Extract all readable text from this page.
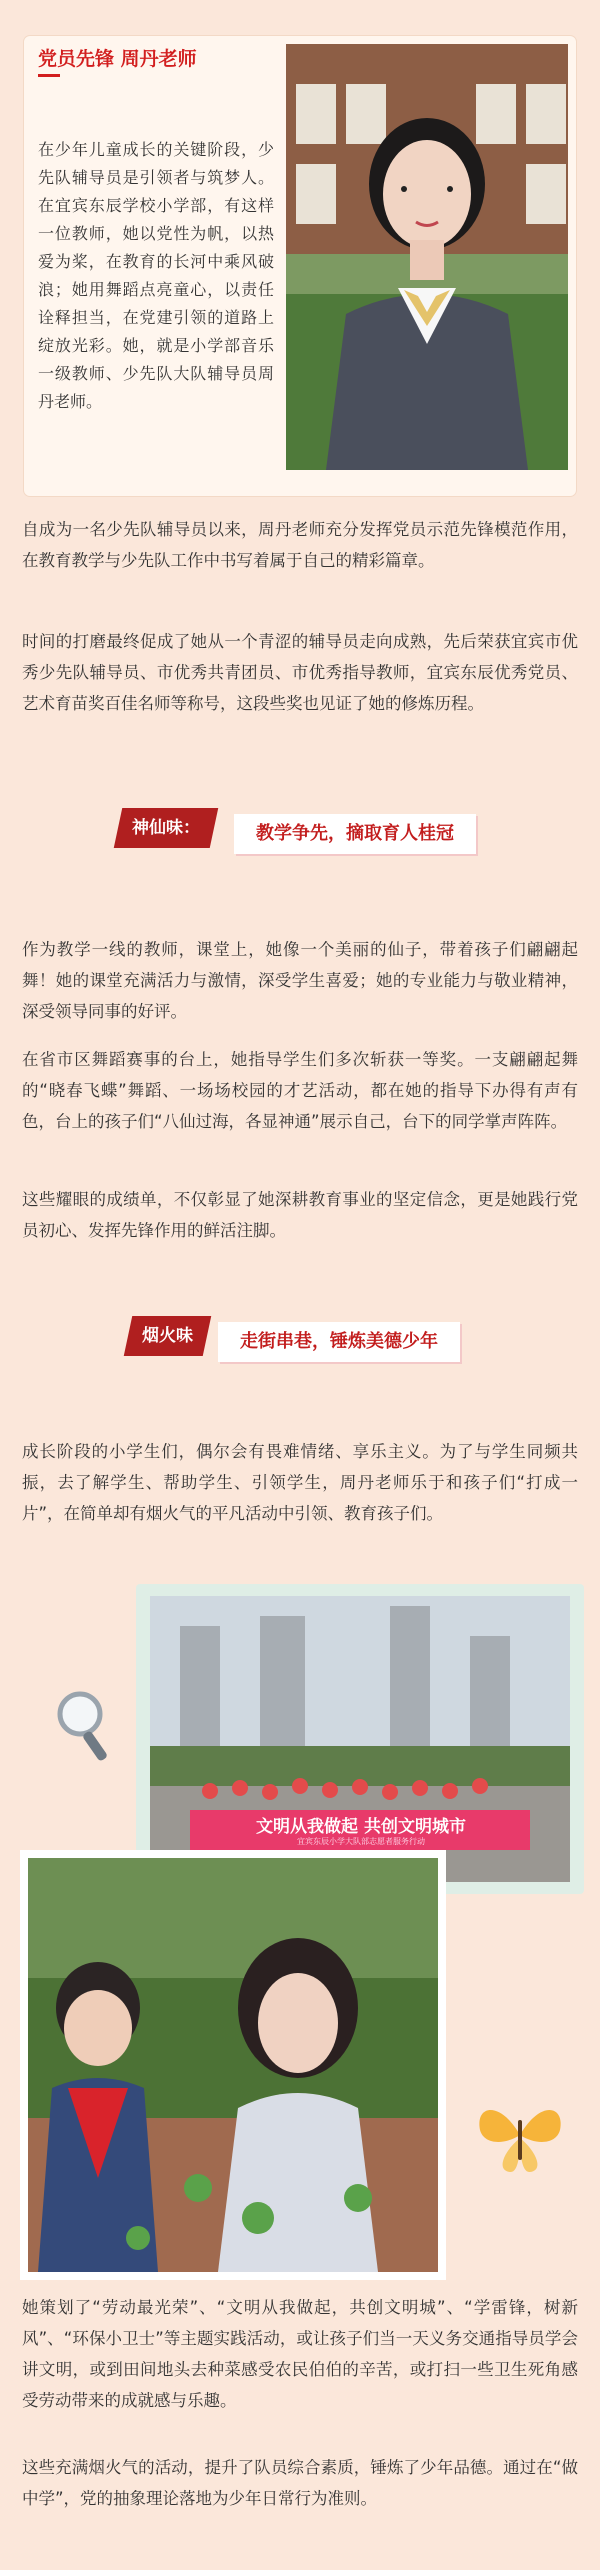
党员先锋 周丹老师
在少年儿童成长的关键阶段，少先队辅导员是引领者与筑梦人。在宜宾东辰学校小学部，有这样一位教师，她以党性为帆，以热爱为桨，在教育的长河中乘风破浪；她用舞蹈点亮童心，以责任诠释担当，在党建引领的道路上绽放光彩。她，就是小学部音乐一级教师、少先队大队辅导员周丹老师。

自成为一名少先队辅导员以来，周丹老师充分发挥党员示范先锋模范作用，在教育教学与少先队工作中书写着属于自己的精彩篇章。

时间的打磨最终促成了她从一个青涩的辅导员走向成熟，先后荣获宜宾市优秀少先队辅导员、市优秀共青团员、市优秀指导教师，宜宾东辰优秀党员、艺术育苗奖百佳名师等称号，这段些奖也见证了她的修炼历程。

神仙味：	教学争先，摘取育人桂冠

作为教学一线的教师，课堂上，她像一个美丽的仙子，带着孩子们翩翩起舞！她的课堂充满活力与激情，深受学生喜爱；她的专业能力与敬业精神，深受领导同事的好评。

在省市区舞蹈赛事的台上，她指导学生们多次斩获一等奖。一支翩翩起舞的“晓春飞蝶”舞蹈、一场场校园的才艺活动，都在她的指导下办得有声有色，台上的孩子们“八仙过海，各显神通”展示自己，台下的同学掌声阵阵。

这些耀眼的成绩单，不仅彰显了她深耕教育事业的坚定信念，更是她践行党员初心、发挥先锋作用的鲜活注脚。

烟火味	走街串巷，锤炼美德少年

成长阶段的小学生们，偶尔会有畏难情绪、享乐主义。为了与学生同频共振，去了解学生、帮助学生、引领学生，周丹老师乐于和孩子们“打成一片”，在简单却有烟火气的平凡活动中引领、教育孩子们。

文明从我做起 共创文明城市
宜宾东辰小学大队部志愿者服务行动

她策划了“劳动最光荣”、“文明从我做起，共创文明城”、“学雷锋，树新风”、“环保小卫士”等主题实践活动，或让孩子们当一天义务交通指导员学会讲文明，或到田间地头去种菜感受农民伯伯的辛苦，或打扫一些卫生死角感受劳动带来的成就感与乐趣。

这些充满烟火气的活动，提升了队员综合素质，锤炼了少年品德。通过在“做中学”，党的抽象理论落地为少年日常行为准则。
